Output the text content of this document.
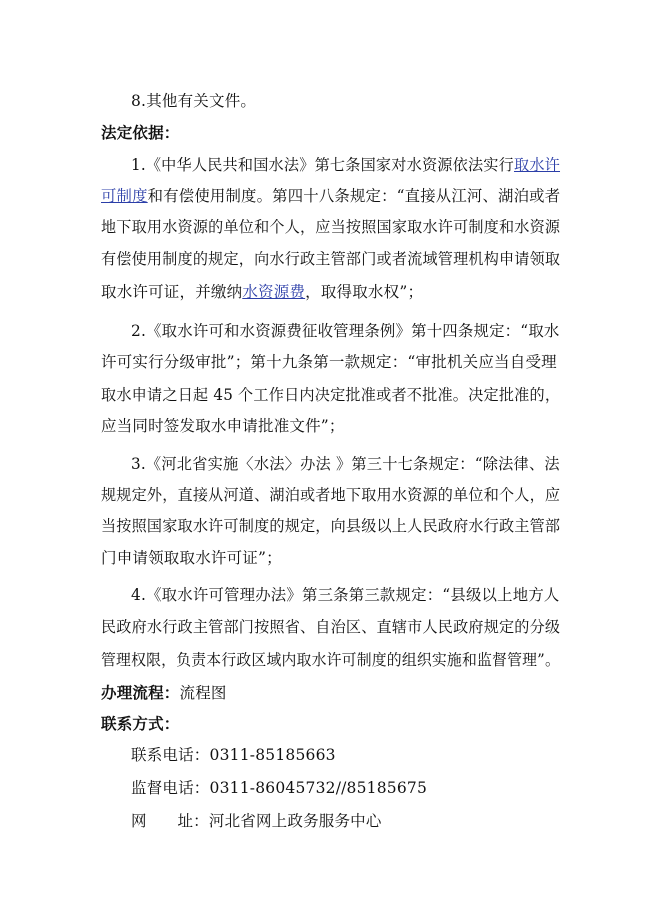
8.其他有关文件。
法定依据：
1.《中华人民共和国水法》第七条国家对水资源依法实行取水许
可制度和有偿使用制度。第四十八条规定：“直接从江河、湖泊或者
地下取用水资源的单位和个人，应当按照国家取水许可制度和水资源
有偿使用制度的规定，向水行政主管部门或者流域管理机构申请领取
取水许可证，并缴纳水资源费，取得取水权”；
2.《取水许可和水资源费征收管理条例》第十四条规定：“取水
许可实行分级审批”；第十九条第一款规定：“审批机关应当自受理
取水申请之日起 45 个工作日内决定批准或者不批准。决定批准的，
应当同时签发取水申请批准文件”；
3.《河北省实施〈水法〉办法 》第三十七条规定：“除法律、法
规规定外，直接从河道、湖泊或者地下取用水资源的单位和个人，应
当按照国家取水许可制度的规定，向县级以上人民政府水行政主管部
门申请领取取水许可证”；
4.《取水许可管理办法》第三条第三款规定：“县级以上地方人
民政府水行政主管部门按照省、自治区、直辖市人民政府规定的分级
管理权限，负责本行政区域内取水许可制度的组织实施和监督管理”。
办理流程：流程图
联系方式：
联系电话：0311-85185663
监督电话：0311-86045732//85185675
网      址：河北省网上政务服务中心
